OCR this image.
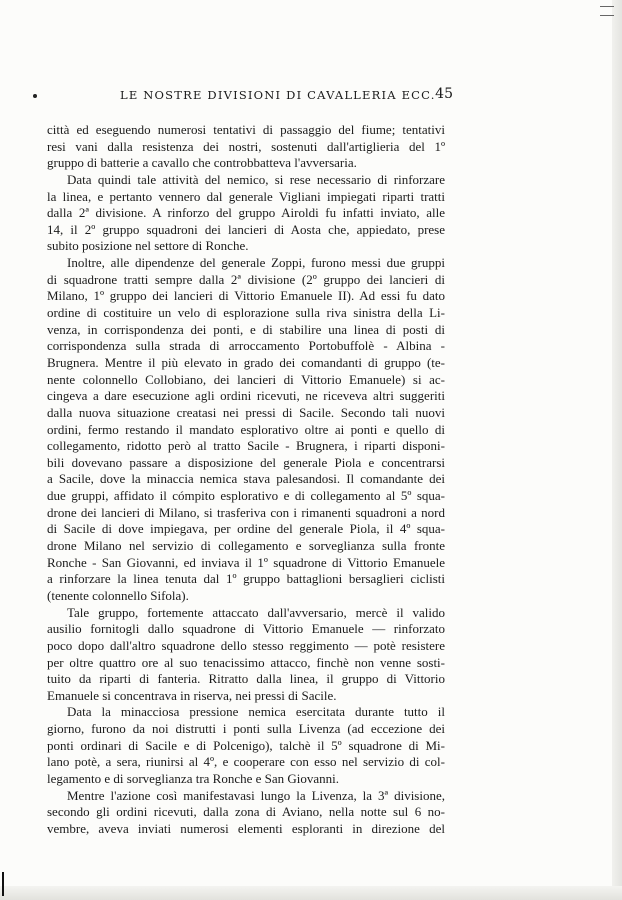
LE NOSTRE DIVISIONI DI CAVALLERIA ECC. 45
città ed eseguendo numerosi tentativi di passaggio del fiume; tentativi
resi vani dalla resistenza dei nostri, sostenuti dall'artiglieria del 1º
gruppo di batterie a cavallo che controbbatteva l'avversaria.
Data quindi tale attività del nemico, si rese necessario di rinforzare
la linea, e pertanto vennero dal generale Vigliani impiegati riparti tratti
dalla 2ª divisione. A rinforzo del gruppo Airoldi fu infatti inviato, alle
14, il 2º gruppo squadroni dei lancieri di Aosta che, appiedato, prese
subito posizione nel settore di Ronche.
Inoltre, alle dipendenze del generale Zoppi, furono messi due gruppi
di squadrone tratti sempre dalla 2ª divisione (2º gruppo dei lancieri di
Milano, 1º gruppo dei lancieri di Vittorio Emanuele II). Ad essi fu dato
ordine di costituire un velo di esplorazione sulla riva sinistra della Li-
venza, in corrispondenza dei ponti, e di stabilire una linea di posti di
corrispondenza sulla strada di arroccamento Portobuffolè - Albina -
Brugnera. Mentre il più elevato in grado dei comandanti di gruppo (te-
nente colonnello Collobiano, dei lancieri di Vittorio Emanuele) si ac-
cingeva a dare esecuzione agli ordini ricevuti, ne riceveva altri suggeriti
dalla nuova situazione creatasi nei pressi di Sacile. Secondo tali nuovi
ordini, fermo restando il mandato esplorativo oltre ai ponti e quello di
collegamento, ridotto però al tratto Sacile - Brugnera, i riparti disponi-
bili dovevano passare a disposizione del generale Piola e concentrarsi
a Sacile, dove la minaccia nemica stava palesandosi. Il comandante dei
due gruppi, affidato il cómpito esplorativo e di collegamento al 5º squa-
drone dei lancieri di Milano, si trasferiva con i rimanenti squadroni a nord
di Sacile di dove impiegava, per ordine del generale Piola, il 4º squa-
drone Milano nel servizio di collegamento e sorveglianza sulla fronte
Ronche - San Giovanni, ed inviava il 1º squadrone di Vittorio Emanuele
a rinforzare la linea tenuta dal 1º gruppo battaglioni bersaglieri ciclisti
(tenente colonnello Sifola).
Tale gruppo, fortemente attaccato dall'avversario, mercè il valido
ausilio fornitogli dallo squadrone di Vittorio Emanuele — rinforzato
poco dopo dall'altro squadrone dello stesso reggimento — potè resistere
per oltre quattro ore al suo tenacissimo attacco, finchè non venne sosti-
tuito da riparti di fanteria. Ritratto dalla linea, il gruppo di Vittorio
Emanuele si concentrava in riserva, nei pressi di Sacile.
Data la minacciosa pressione nemica esercitata durante tutto il
giorno, furono da noi distrutti i ponti sulla Livenza (ad eccezione dei
ponti ordinari di Sacile e di Polcenigo), talchè il 5º squadrone di Mi-
lano potè, a sera, riunirsi al 4º, e cooperare con esso nel servizio di col-
legamento e di sorveglianza tra Ronche e San Giovanni.
Mentre l'azione così manifestavasi lungo la Livenza, la 3ª divisione,
secondo gli ordini ricevuti, dalla zona di Aviano, nella notte sul 6 no-
vembre, aveva inviati numerosi elementi esploranti in direzione del
